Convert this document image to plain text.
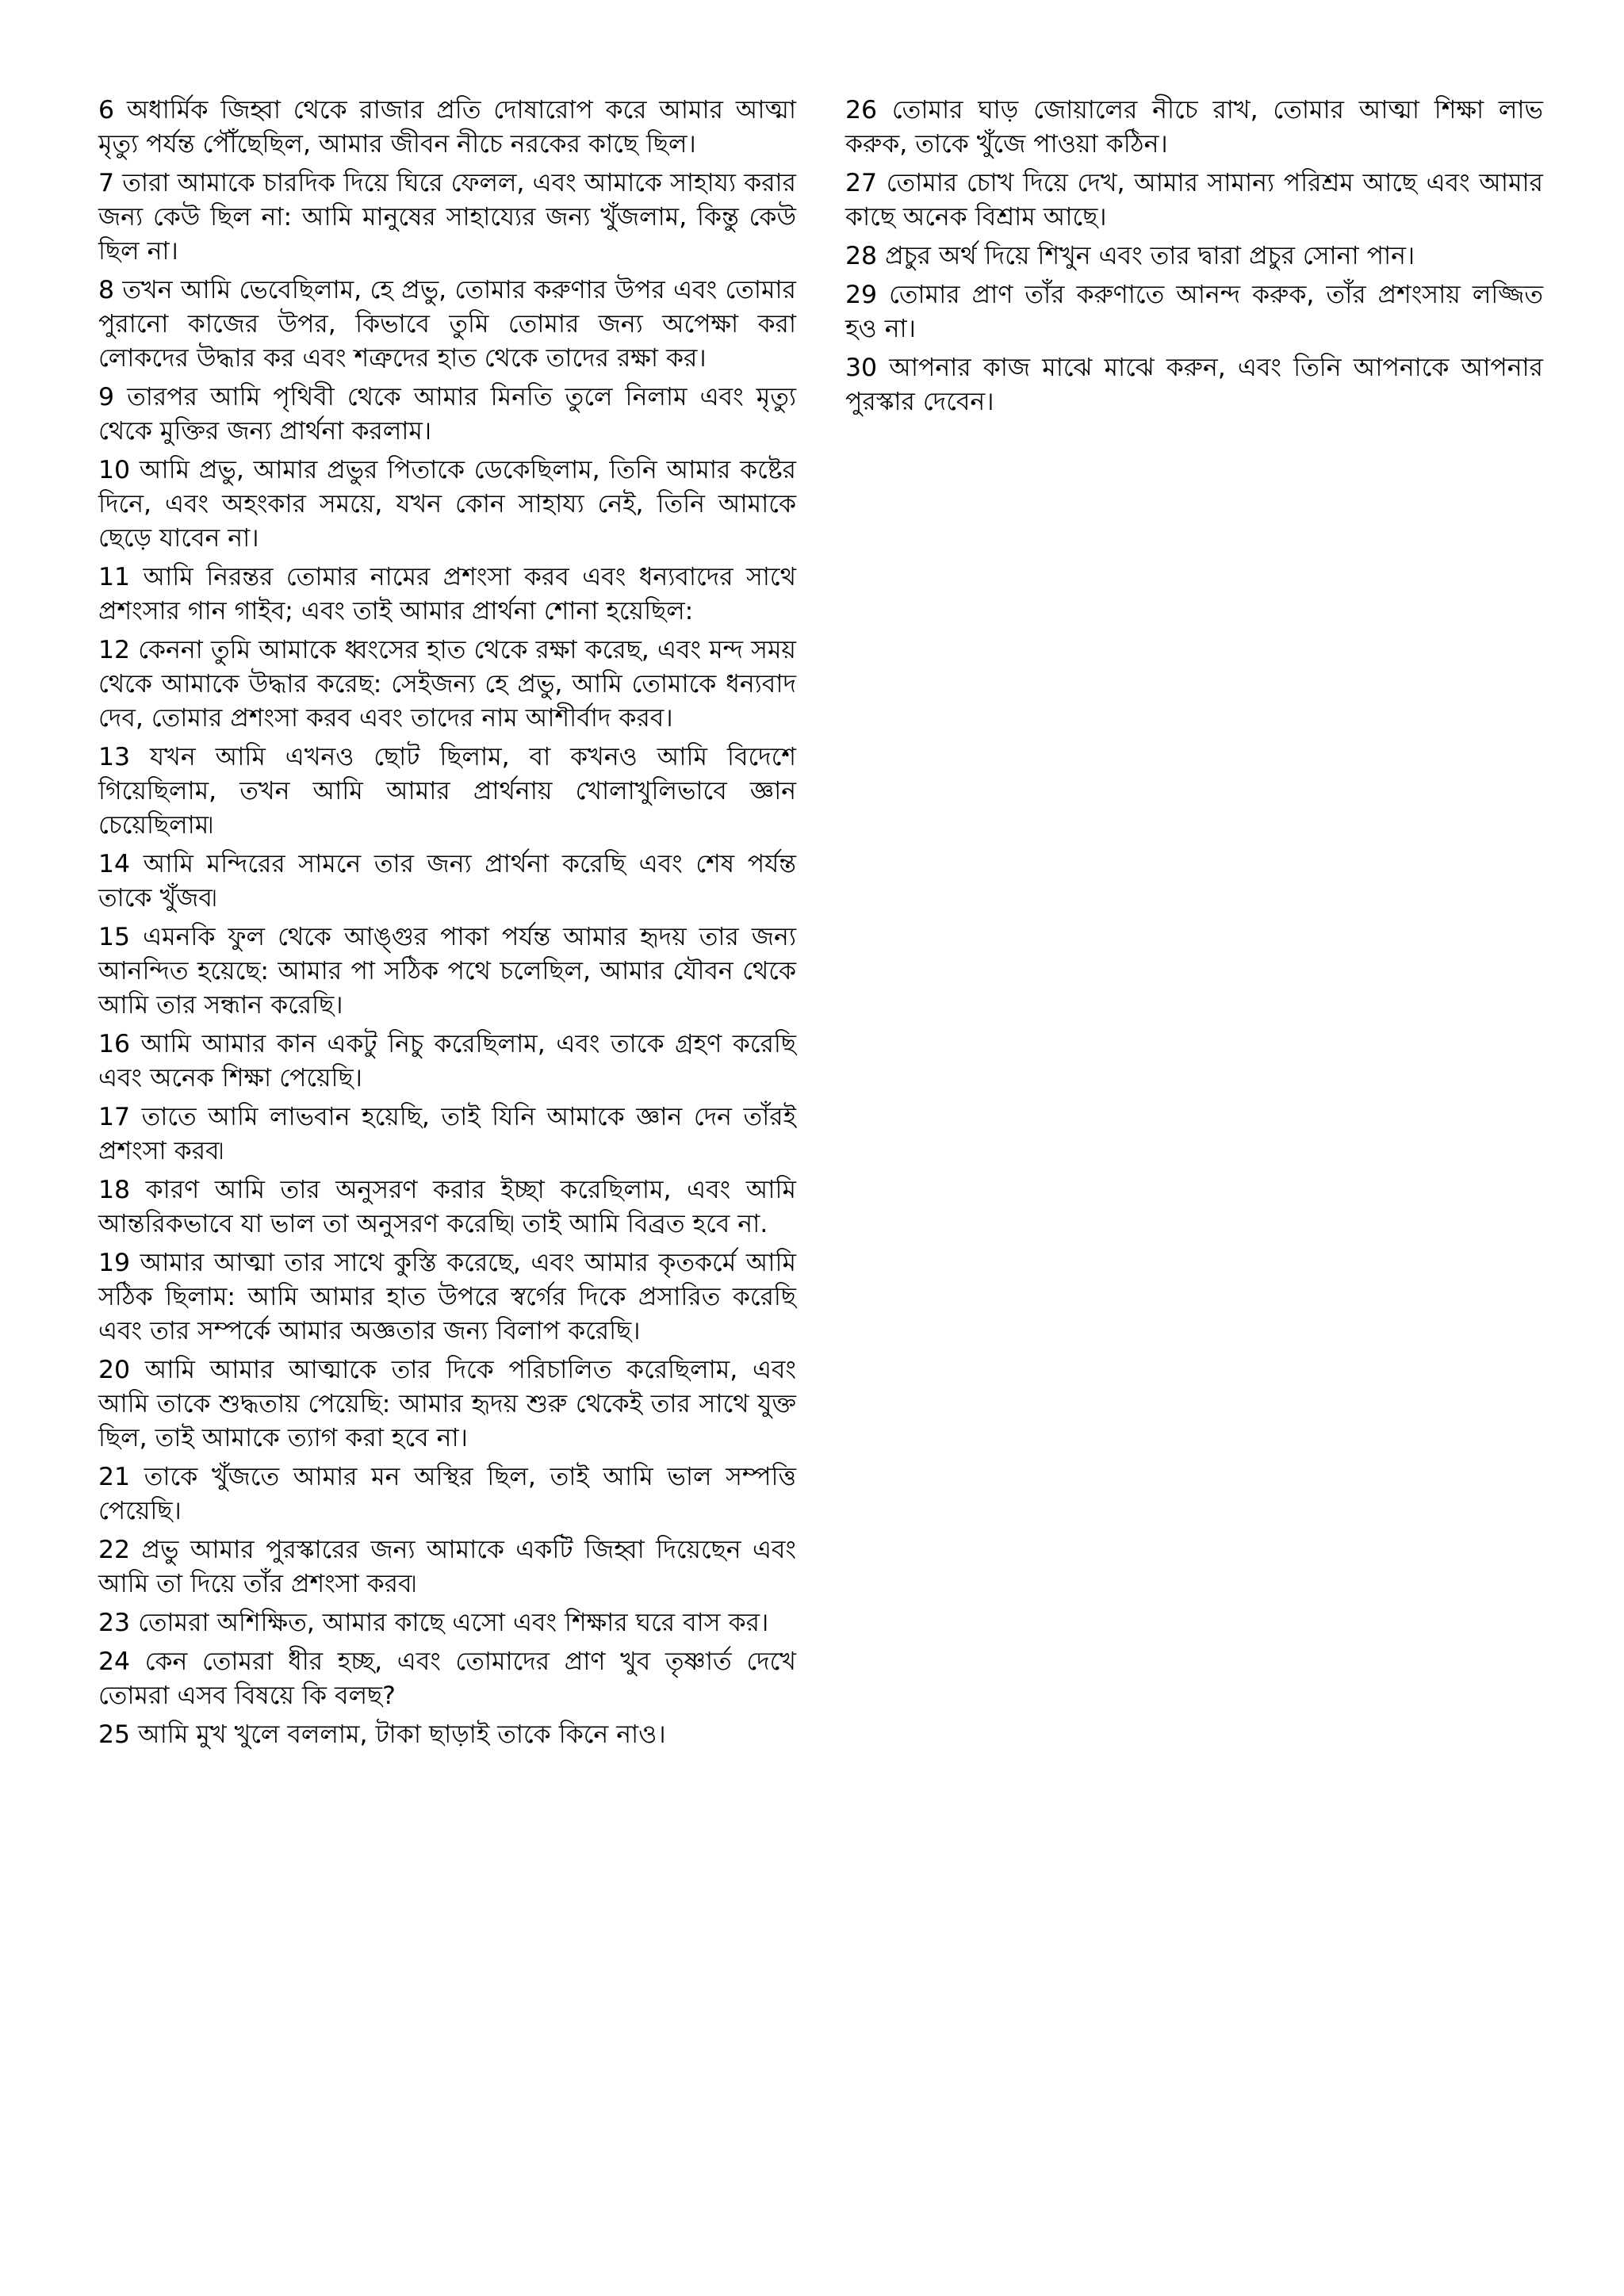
6 অধার্মিক জিহ্বা থেকে রাজার প্রতি দোষারোপ করে আমার আত্মা মৃত্যু পর্যন্ত পৌঁছেছিল, আমার জীবন নীচে নরকের কাছে ছিল।

7 তারা আমাকে চারদিক দিয়ে ঘিরে ফেলল, এবং আমাকে সাহায্য করার জন্য কেউ ছিল না: আমি মানুষের সাহায্যের জন্য খুঁজলাম, কিন্তু কেউ ছিল না।

8 তখন আমি ভেবেছিলাম, হে প্রভু, তোমার করুণার উপর এবং তোমার পুরানো কাজের উপর, কিভাবে তুমি তোমার জন্য অপেক্ষা করা লোকদের উদ্ধার কর এবং শত্রুদের হাত থেকে তাদের রক্ষা কর।

9 তারপর আমি পৃথিবী থেকে আমার মিনতি তুলে নিলাম এবং মৃত্যু থেকে মুক্তির জন্য প্রার্থনা করলাম।

10 আমি প্রভু, আমার প্রভুর পিতাকে ডেকেছিলাম, তিনি আমার কষ্টের দিনে, এবং অহংকার সময়ে, যখন কোন সাহায্য নেই, তিনি আমাকে ছেড়ে যাবেন না।

11 আমি নিরন্তর তোমার নামের প্রশংসা করব এবং ধন্যবাদের সাথে প্রশংসার গান গাইব; এবং তাই আমার প্রার্থনা শোনা হয়েছিল:

12 কেননা তুমি আমাকে ধ্বংসের হাত থেকে রক্ষা করেছ, এবং মন্দ সময় থেকে আমাকে উদ্ধার করেছ: সেইজন্য হে প্রভু, আমি তোমাকে ধন্যবাদ দেব, তোমার প্রশংসা করব এবং তাদের নাম আশীর্বাদ করব।

13 যখন আমি এখনও ছোট ছিলাম, বা কখনও আমি বিদেশে গিয়েছিলাম, তখন আমি আমার প্রার্থনায় খোলাখুলিভাবে জ্ঞান চেয়েছিলাম৷

14 আমি মন্দিরের সামনে তার জন্য প্রার্থনা করেছি এবং শেষ পর্যন্ত তাকে খুঁজব৷

15 এমনকি ফুল থেকে আঙ্গুর পাকা পর্যন্ত আমার হৃদয় তার জন্য আনন্দিত হয়েছে: আমার পা সঠিক পথে চলেছিল, আমার যৌবন থেকে আমি তার সন্ধান করেছি।

16 আমি আমার কান একটু নিচু করেছিলাম, এবং তাকে গ্রহণ করেছি এবং অনেক শিক্ষা পেয়েছি।

17 তাতে আমি লাভবান হয়েছি, তাই যিনি আমাকে জ্ঞান দেন তাঁরই প্রশংসা করব৷

18 কারণ আমি তার অনুসরণ করার ইচ্ছা করেছিলাম, এবং আমি আন্তরিকভাবে যা ভাল তা অনুসরণ করেছি৷ তাই আমি বিব্রত হবে না.

19 আমার আত্মা তার সাথে কুস্তি করেছে, এবং আমার কৃতকর্মে আমি সঠিক ছিলাম: আমি আমার হাত উপরে স্বর্গের দিকে প্রসারিত করেছি এবং তার সম্পর্কে আমার অজ্ঞতার জন্য বিলাপ করেছি।

20 আমি আমার আত্মাকে তার দিকে পরিচালিত করেছিলাম, এবং আমি তাকে শুদ্ধতায় পেয়েছি: আমার হৃদয় শুরু থেকেই তার সাথে যুক্ত ছিল, তাই আমাকে ত্যাগ করা হবে না।

21 তাকে খুঁজতে আমার মন অস্থির ছিল, তাই আমি ভাল সম্পত্তি পেয়েছি।

22 প্রভু আমার পুরস্কারের জন্য আমাকে একটি জিহ্বা দিয়েছেন এবং আমি তা দিয়ে তাঁর প্রশংসা করব৷

23 তোমরা অশিক্ষিত, আমার কাছে এসো এবং শিক্ষার ঘরে বাস কর।

24 কেন তোমরা ধীর হচ্ছ, এবং তোমাদের প্রাণ খুব তৃষ্ণার্ত দেখে তোমরা এসব বিষয়ে কি বলছ?

25 আমি মুখ খুলে বললাম, টাকা ছাড়াই তাকে কিনে নাও।

26 তোমার ঘাড় জোয়ালের নীচে রাখ, তোমার আত্মা শিক্ষা লাভ করুক, তাকে খুঁজে পাওয়া কঠিন।

27 তোমার চোখ দিয়ে দেখ, আমার সামান্য পরিশ্রম আছে এবং আমার কাছে অনেক বিশ্রাম আছে।

28 প্রচুর অর্থ দিয়ে শিখুন এবং তার দ্বারা প্রচুর সোনা পান।

29 তোমার প্রাণ তাঁর করুণাতে আনন্দ করুক, তাঁর প্রশংসায় লজ্জিত হও না।

30 আপনার কাজ মাঝে মাঝে করুন, এবং তিনি আপনাকে আপনার পুরস্কার দেবেন।
